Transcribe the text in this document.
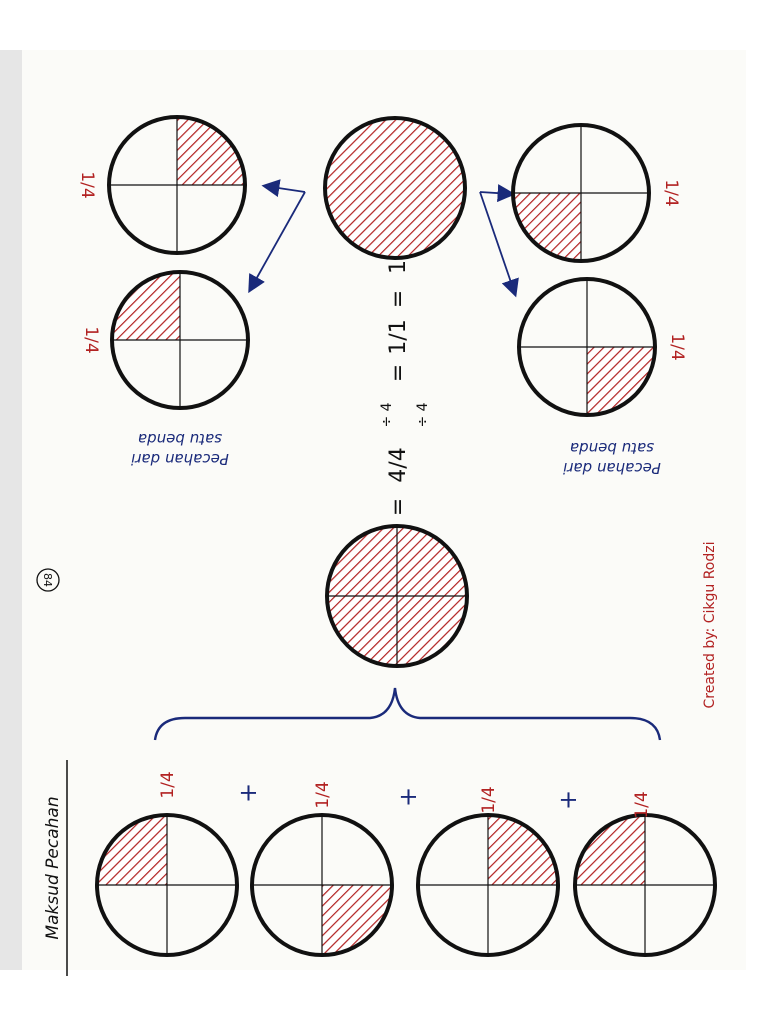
84
Maksud Pecahan
Created by: Cikgu Rodzi
1/4	1/4	1/4	1/4
+	+	+
=
4/4
÷ 4 ÷ 4
=
1/1
=
1
1/4
1/4
1/4
1/4
Pecahan dari
satu benda
Pecahan dari
satu benda
